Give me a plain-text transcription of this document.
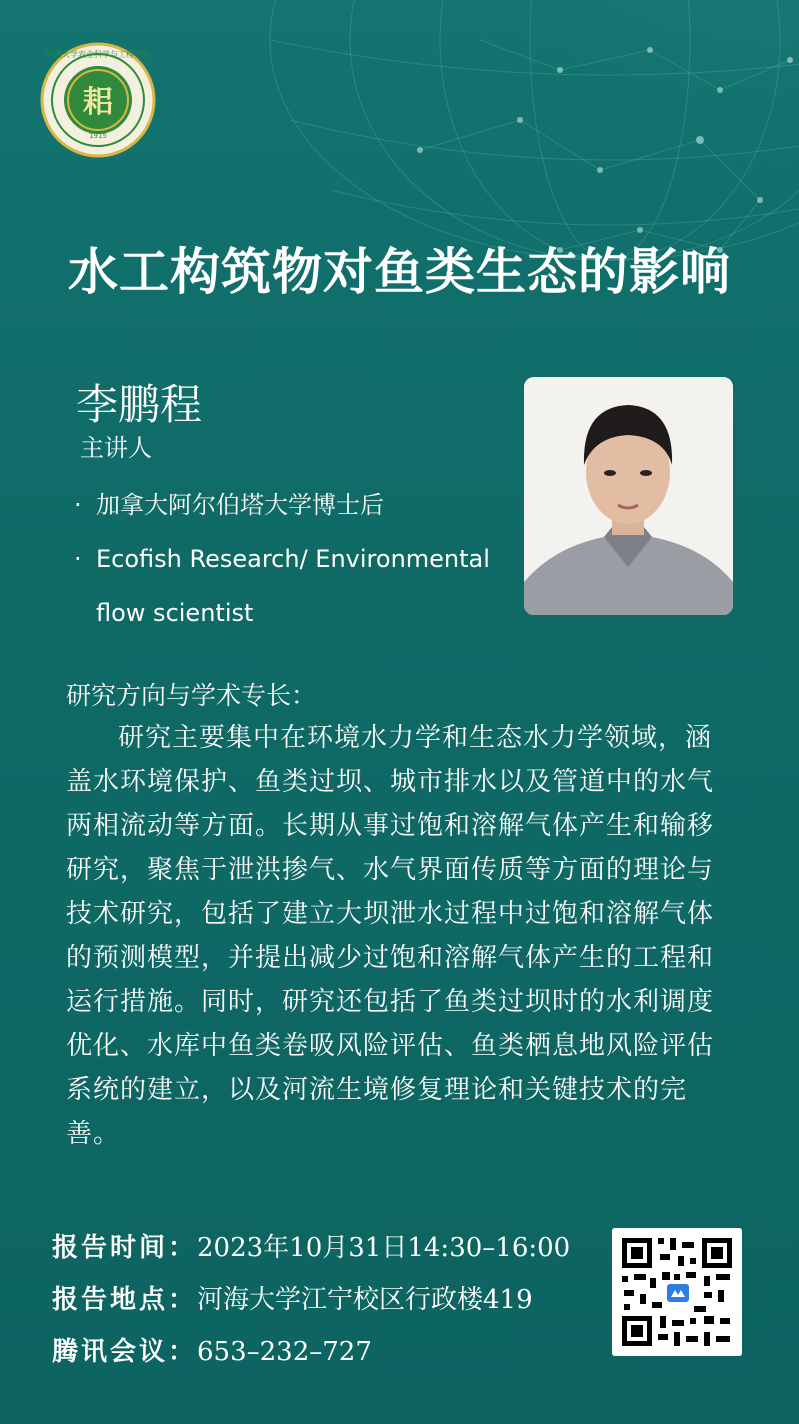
耜
1915
河海大学农业科学与工程学院
水工构筑物对鱼类生态的影响
李鹏程
主讲人
· 加拿大阿尔伯塔大学博士后
· Ecofish Research/ Environmental
flow scientist
研究方向与学术专长：
研究主要集中在环境水力学和生态水力学领域，涵盖水环境保护、鱼类过坝、城市排水以及管道中的水气两相流动等方面。长期从事过饱和溶解气体产生和输移研究，聚焦于泄洪掺气、水气界面传质等方面的理论与技术研究，包括了建立大坝泄水过程中过饱和溶解气体的预测模型，并提出减少过饱和溶解气体产生的工程和运行措施。同时，研究还包括了鱼类过坝时的水利调度优化、水库中鱼类卷吸风险评估、鱼类栖息地风险评估系统的建立，以及河流生境修复理论和关键技术的完善。
报告时间：2023年10月31日14:30–16:00
报告地点：河海大学江宁校区行政楼419
腾讯会议：653–232–727
